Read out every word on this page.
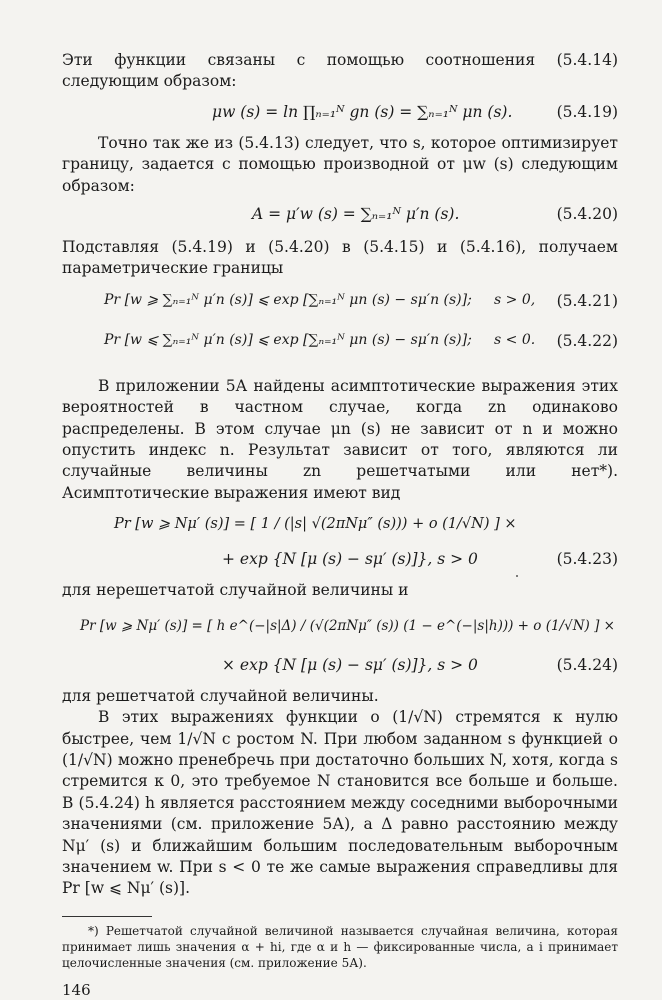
Эти функции связаны с помощью соотношения (5.4.14) следующим образом:

μw (s) = ln ∏ₙ₌₁ᴺ gn (s) = ∑ₙ₌₁ᴺ μn (s).	(5.4.19)

Точно так же из (5.4.13) следует, что s, которое оптимизирует границу, задается с помощью производной от μw (s) следующим образом:

A = μ′w (s) = ∑ₙ₌₁ᴺ μ′n (s).	(5.4.20)

Подставляя (5.4.19) и (5.4.20) в (5.4.15) и (5.4.16), получаем параметрические границы

Pr [w ⩾ ∑ₙ₌₁ᴺ μ′n (s)] ⩽ exp [∑ₙ₌₁ᴺ μn (s) − sμ′n (s)]; s > 0, (5.4.21)
Pr [w ⩽ ∑ₙ₌₁ᴺ μ′n (s)] ⩽ exp [∑ₙ₌₁ᴺ μn (s) − sμ′n (s)]; s < 0. (5.4.22)

В приложении 5А найдены асимптотические выражения этих вероятностей в частном случае, когда zn одинаково распределены. В этом случае μn (s) не зависит от n и можно опустить индекс n. Результат зависит от того, являются ли случайные величины zn решетчатыми или нет*). Асимптотические выражения имеют вид

Pr [w ⩾ Nμ′ (s)] = [ 1 / (|s| √(2πNμ″ (s))) + o (1/√N) ] ×
+ exp {N [μ (s) − sμ′ (s)]}, s > 0	(5.4.23)

для нерешетчатой случайной величины и

Pr [w ⩾ Nμ′ (s)] = [ h e^(−|s|Δ) / (√(2πNμ″ (s)) (1 − e^(−|s|h))) + o (1/√N) ] ×
× exp {N [μ (s) − sμ′ (s)]}, s > 0	(5.4.24)

для решетчатой случайной величины.

В этих выражениях функции o (1/√N) стремятся к нулю быстрее, чем 1/√N с ростом N. При любом заданном s функцией o (1/√N) можно пренебречь при достаточно больших N, хотя, когда s стремится к 0, это требуемое N становится все больше и больше. В (5.4.24) h является расстоянием между соседними выборочными значениями (см. приложение 5А), а Δ равно расстоянию между Nμ′ (s) и ближайшим большим последовательным выборочным значением w. При s < 0 те же самые выражения справедливы для Pr [w ⩽ Nμ′ (s)].

*) Решетчатой случайной величиной называется случайная величина, которая принимает лишь значения α + hi, где α и h — фиксированные числа, а i принимает целочисленные значения (см. приложение 5А).

146
